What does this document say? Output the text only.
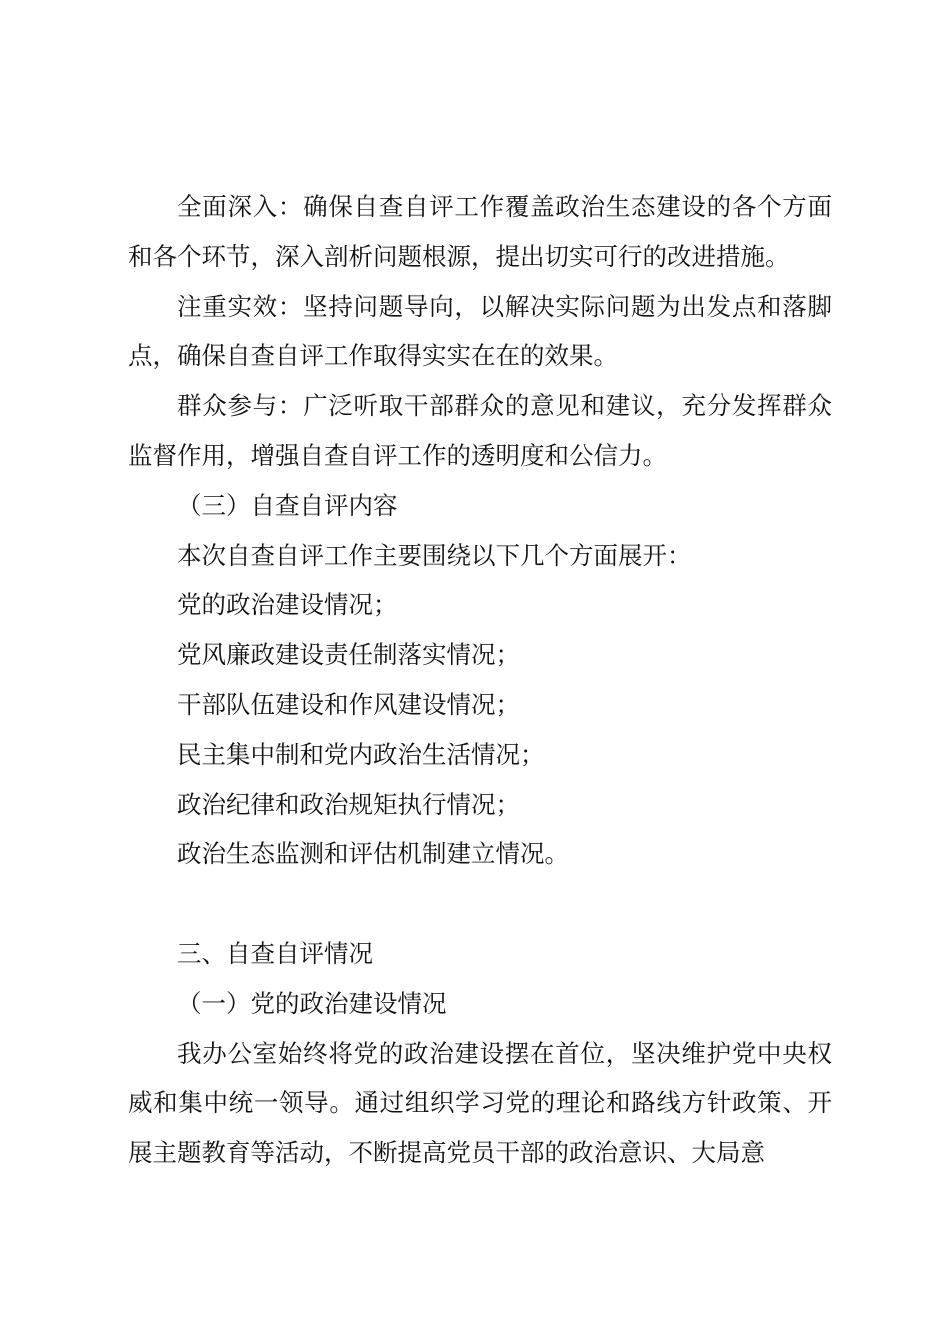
全面深入：确保自查自评工作覆盖政治生态建设的各个方面和各个环节，深入剖析问题根源，提出切实可行的改进措施。

注重实效：坚持问题导向，以解决实际问题为出发点和落脚点，确保自查自评工作取得实实在在的效果。

群众参与：广泛听取干部群众的意见和建议，充分发挥群众监督作用，增强自查自评工作的透明度和公信力。

（三）自查自评内容

本次自查自评工作主要围绕以下几个方面展开：

党的政治建设情况；

党风廉政建设责任制落实情况；

干部队伍建设和作风建设情况；

民主集中制和党内政治生活情况；

政治纪律和政治规矩执行情况；

政治生态监测和评估机制建立情况。

三、自查自评情况

（一）党的政治建设情况

我办公室始终将党的政治建设摆在首位，坚决维护党中央权威和集中统一领导。通过组织学习党的理论和路线方针政策、开展主题教育等活动，不断提高党员干部的政治意识、大局意
